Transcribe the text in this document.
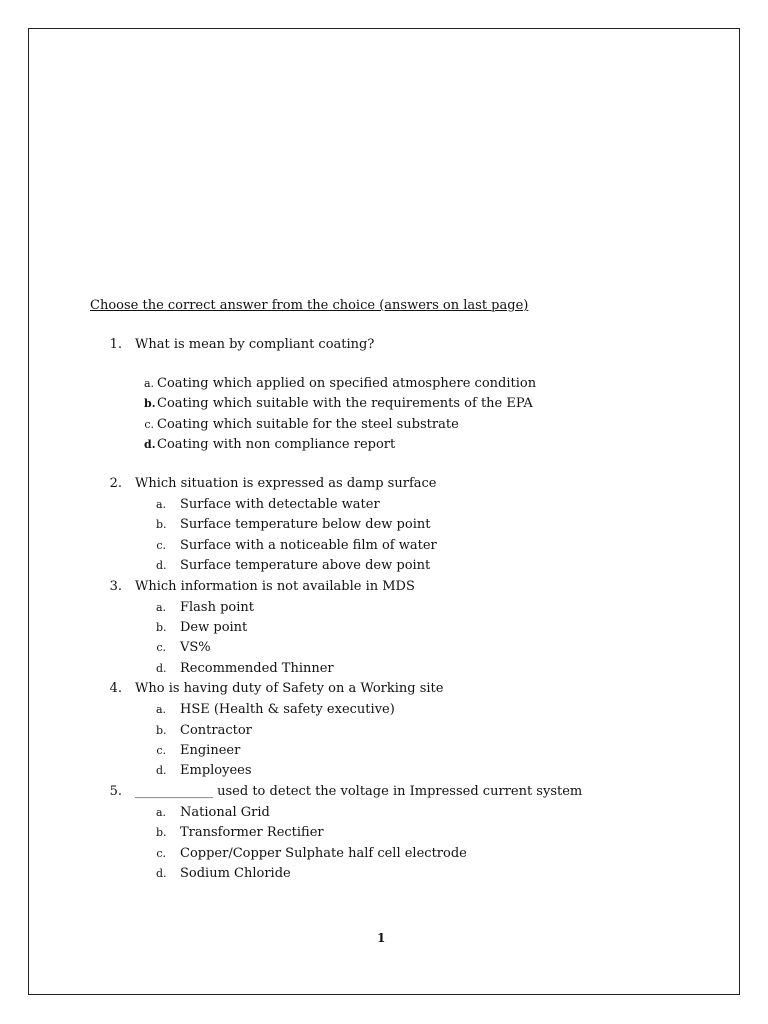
Choose the correct answer from the choice (answers on last page)
1. What is mean by compliant coating?
a. Coating which applied on specified atmosphere condition
b. Coating which suitable with the requirements of the EPA
c. Coating which suitable for the steel substrate
d. Coating with non compliance report
2. Which situation is expressed as damp surface
a. Surface with detectable water
b. Surface temperature below dew point
c. Surface with a noticeable film of water
d. Surface temperature above dew point
3. Which information is not available in MDS
a. Flash point
b. Dew point
c. VS%
d. Recommended Thinner
4. Who is having duty of Safety on a Working site
a. HSE (Health & safety executive)
b. Contractor
c. Engineer
d. Employees
5. ____________ used to detect the voltage in Impressed current system
a. National Grid
b. Transformer Rectifier
c. Copper/Copper Sulphate half cell electrode
d. Sodium Chloride
1
